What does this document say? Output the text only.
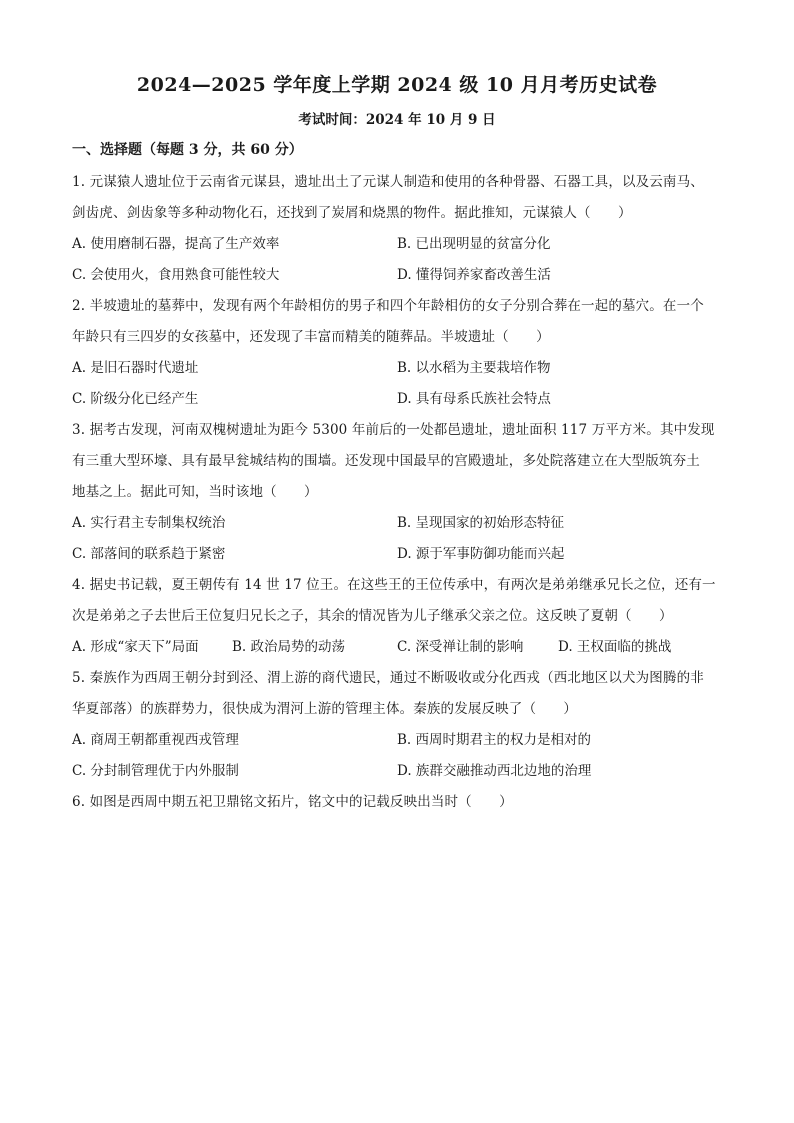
2024—2025 学年度上学期 2024 级 10 月月考历史试卷
考试时间：2024 年 10 月 9 日
一、选择题（每题 3 分，共 60 分）
1. 元谋猿人遗址位于云南省元谋县，遗址出土了元谋人制造和使用的各种骨器、石器工具，以及云南马、
剑齿虎、剑齿象等多种动物化石，还找到了炭屑和烧黑的物件。据此推知，元谋猿人（　　）
A. 使用磨制石器，提高了生产效率	B. 已出现明显的贫富分化
C. 会使用火，食用熟食可能性较大	D. 懂得饲养家畜改善生活
2. 半坡遗址的墓葬中，发现有两个年龄相仿的男子和四个年龄相仿的女子分别合葬在一起的墓穴。在一个
年龄只有三四岁的女孩墓中，还发现了丰富而精美的随葬品。半坡遗址（　　）
A. 是旧石器时代遗址	B. 以水稻为主要栽培作物
C. 阶级分化已经产生	D. 具有母系氏族社会特点
3. 据考古发现，河南双槐树遗址为距今 5300 年前后的一处都邑遗址，遗址面积 117 万平方米。其中发现
有三重大型环壕、具有最早瓮城结构的围墙。还发现中国最早的宫殿遗址，多处院落建立在大型版筑夯土
地基之上。据此可知，当时该地（　　）
A. 实行君主专制集权统治	B. 呈现国家的初始形态特征
C. 部落间的联系趋于紧密	D. 源于军事防御功能而兴起
4. 据史书记载，夏王朝传有 14 世 17 位王。在这些王的王位传承中，有两次是弟弟继承兄长之位，还有一
次是弟弟之子去世后王位复归兄长之子，其余的情况皆为儿子继承父亲之位。这反映了夏朝（　　）
A. 形成“家天下”局面 B. 政治局势的动荡	C. 深受禅让制的影响	D. 王权面临的挑战
5. 秦族作为西周王朝分封到泾、渭上游的商代遗民，通过不断吸收或分化西戎（西北地区以犬为图腾的非
华夏部落）的族群势力，很快成为渭河上游的管理主体。秦族的发展反映了（　　）
A. 商周王朝都重视西戎管理	B. 西周时期君主的权力是相对的
C. 分封制管理优于内外服制	D. 族群交融推动西北边地的治理
6. 如图是西周中期五祀卫鼎铭文拓片，铭文中的记载反映出当时（　　）
